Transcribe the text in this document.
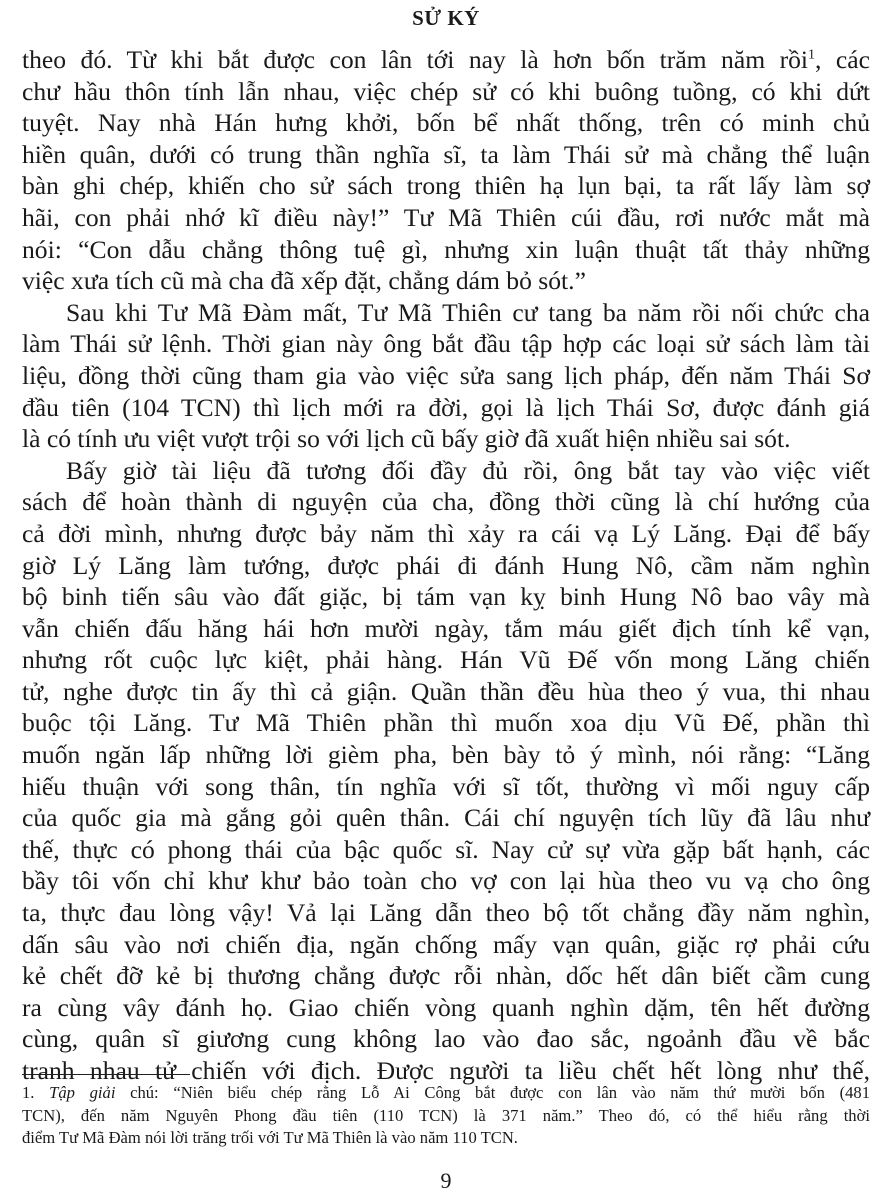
SỬ KÝ
theo đó. Từ khi bắt được con lân tới nay là hơn bốn trăm năm rồi$^1$, các
chư hầu thôn tính lẫn nhau, việc chép sử có khi buông tuồng, có khi dứt
tuyệt. Nay nhà Hán hưng khởi, bốn bể nhất thống, trên có minh chủ
hiền quân, dưới có trung thần nghĩa sĩ, ta làm Thái sử mà chẳng thể luận
bàn ghi chép, khiến cho sử sách trong thiên hạ lụn bại, ta rất lấy làm sợ
hãi, con phải nhớ kĩ điều này!” Tư Mã Thiên cúi đầu, rơi nước mắt mà
nói: “Con dẫu chẳng thông tuệ gì, nhưng xin luận thuật tất thảy những
việc xưa tích cũ mà cha đã xếp đặt, chẳng dám bỏ sót.”
Sau khi Tư Mã Đàm mất, Tư Mã Thiên cư tang ba năm rồi nối chức cha
làm Thái sử lệnh. Thời gian này ông bắt đầu tập hợp các loại sử sách làm tài
liệu, đồng thời cũng tham gia vào việc sửa sang lịch pháp, đến năm Thái Sơ
đầu tiên (104 TCN) thì lịch mới ra đời, gọi là lịch Thái Sơ, được đánh giá
là có tính ưu việt vượt trội so với lịch cũ bấy giờ đã xuất hiện nhiều sai sót.
Bấy giờ tài liệu đã tương đối đầy đủ rồi, ông bắt tay vào việc viết
sách để hoàn thành di nguyện của cha, đồng thời cũng là chí hướng của
cả đời mình, nhưng được bảy năm thì xảy ra cái vạ Lý Lăng. Đại để bấy
giờ Lý Lăng làm tướng, được phái đi đánh Hung Nô, cầm năm nghìn
bộ binh tiến sâu vào đất giặc, bị tám vạn kỵ binh Hung Nô bao vây mà
vẫn chiến đấu hăng hái hơn mười ngày, tắm máu giết địch tính kể vạn,
nhưng rốt cuộc lực kiệt, phải hàng. Hán Vũ Đế vốn mong Lăng chiến
tử, nghe được tin ấy thì cả giận. Quần thần đều hùa theo ý vua, thi nhau
buộc tội Lăng. Tư Mã Thiên phần thì muốn xoa dịu Vũ Đế, phần thì
muốn ngăn lấp những lời gièm pha, bèn bày tỏ ý mình, nói rằng: “Lăng
hiếu thuận với song thân, tín nghĩa với sĩ tốt, thường vì mối nguy cấp
của quốc gia mà gắng gỏi quên thân. Cái chí nguyện tích lũy đã lâu như
thế, thực có phong thái của bậc quốc sĩ. Nay cử sự vừa gặp bất hạnh, các
bầy tôi vốn chỉ khư khư bảo toàn cho vợ con lại hùa theo vu vạ cho ông
ta, thực đau lòng vậy! Vả lại Lăng dẫn theo bộ tốt chẳng đầy năm nghìn,
dấn sâu vào nơi chiến địa, ngăn chống mấy vạn quân, giặc rợ phải cứu
kẻ chết đỡ kẻ bị thương chẳng được rỗi nhàn, dốc hết dân biết cầm cung
ra cùng vây đánh họ. Giao chiến vòng quanh nghìn dặm, tên hết đường
cùng, quân sĩ giương cung không lao vào đao sắc, ngoảnh đầu về bắc
tranh nhau tử chiến với địch. Được người ta liều chết hết lòng như thế,
1. Tập giải chú: “Niên biểu chép rằng Lỗ Ai Công bắt được con lân vào năm thứ mười bốn (481
TCN), đến năm Nguyên Phong đầu tiên (110 TCN) là 371 năm.” Theo đó, có thể hiểu rằng thời
điểm Tư Mã Đàm nói lời trăng trối với Tư Mã Thiên là vào năm 110 TCN.
9
